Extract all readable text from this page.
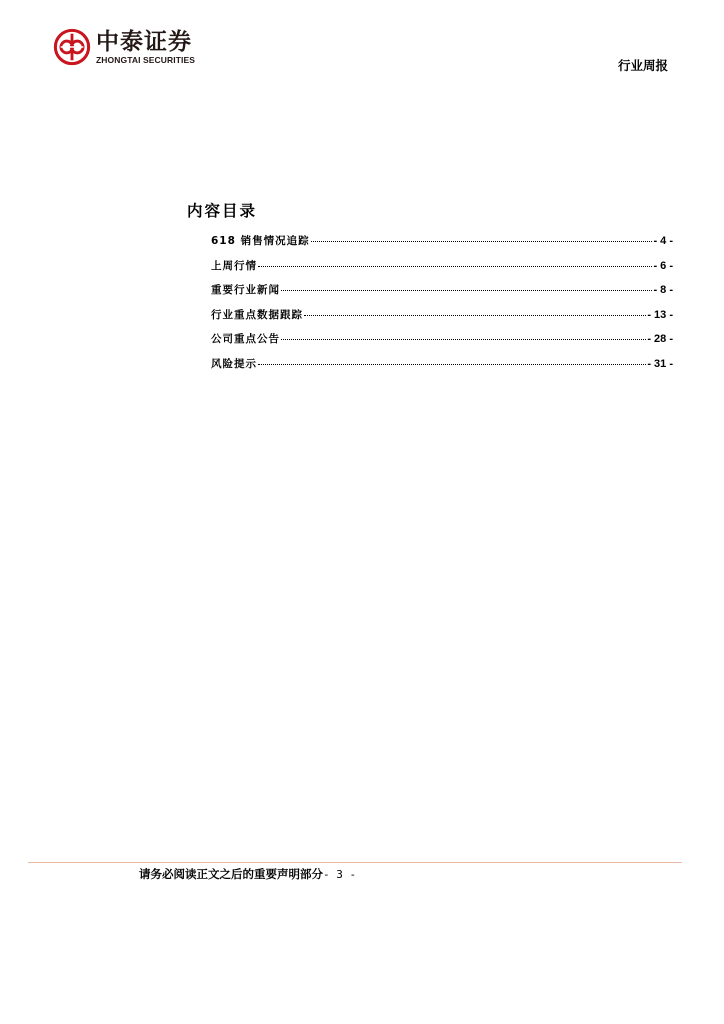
中泰证券
ZHONGTAI SECURITIES	行业周报
内容目录
618 销售情况追踪	- 4 -
上周行情	- 6 -
重要行业新闻	- 8 -
行业重点数据跟踪	- 13 -
公司重点公告	- 28 -
风险提示	- 31 -
请务必阅读正文之后的重要声明部分- 3 -
